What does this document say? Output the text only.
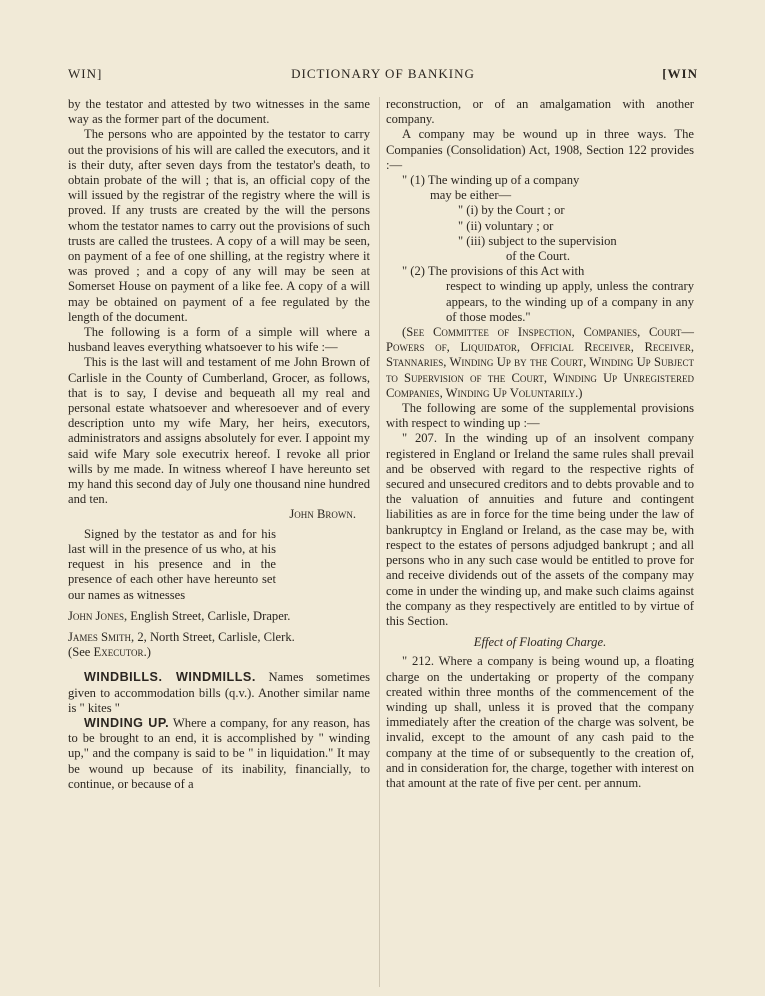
WIN]	DICTIONARY OF BANKING	[WIN

by the testator and attested by two witnesses in the same way as the former part of the document.

The persons who are appointed by the testator to carry out the provisions of his will are called the executors, and it is their duty, after seven days from the testator's death, to obtain probate of the will ; that is, an official copy of the will issued by the registrar of the registry where the will is proved. If any trusts are created by the will the persons whom the testator names to carry out the provisions of such trusts are called the trustees. A copy of a will may be seen, on payment of a fee of one shilling, at the registry where it was proved ; and a copy of any will may be seen at Somerset House on payment of a like fee. A copy of a will may be obtained on payment of a fee regulated by the length of the document.

The following is a form of a simple will where a husband leaves everything whatsoever to his wife :—

This is the last will and testament of me John Brown of Carlisle in the County of Cumberland, Grocer, as follows, that is to say, I devise and bequeath all my real and personal estate whatsoever and wheresoever and of every description unto my wife Mary, her heirs, executors, administrators and assigns absolutely for ever. I appoint my said wife Mary sole executrix hereof. I revoke all prior wills by me made. In witness whereof I have hereunto set my hand this second day of July one thousand nine hundred and ten.

John Brown.

Signed by the testator as and for his last will in the presence of us who, at his request in his presence and in the presence of each other have hereunto set our names as witnesses

John Jones, English Street, Carlisle, Draper.

James Smith, 2, North Street, Carlisle, Clerk.

(See Executor.)

WINDBILLS. WINDMILLS. Names sometimes given to accommodation bills (q.v.). Another similar name is " kites "

WINDING UP. Where a company, for any reason, has to be brought to an end, it is accomplished by " winding up," and the company is said to be " in liquidation." It may be wound up because of its inability, financially, to continue, or because of a

reconstruction, or of an amalgamation with another company.

A company may be wound up in three ways. The Companies (Consolidation) Act, 1908, Section 122 provides :—

" (1) The winding up of a company

may be either—

" (i) by the Court ; or

" (ii) voluntary ; or

" (iii) subject to the supervision

of the Court.

" (2) The provisions of this Act with

respect to winding up apply, unless the contrary appears, to the winding up of a company in any of those modes."

(See Committee of Inspection, Companies, Court—Powers of, Liquidator, Official Receiver, Receiver, Stannaries, Winding Up by the Court, Winding Up Subject to Supervision of the Court, Winding Up Unregistered Companies, Winding Up Voluntarily.)

The following are some of the supplemental provisions with respect to winding up :—

" 207. In the winding up of an insolvent company registered in England or Ireland the same rules shall prevail and be observed with regard to the respective rights of secured and unsecured creditors and to debts provable and to the valuation of annuities and future and contingent liabilities as are in force for the time being under the law of bankruptcy in England or Ireland, as the case may be, with respect to the estates of persons adjudged bankrupt ; and all persons who in any such case would be entitled to prove for and receive dividends out of the assets of the company may come in under the winding up, and make such claims against the company as they respectively are entitled to by virtue of this Section.

Effect of Floating Charge.

" 212. Where a company is being wound up, a floating charge on the undertaking or property of the company created within three months of the commencement of the winding up shall, unless it is proved that the company immediately after the creation of the charge was solvent, be invalid, except to the amount of any cash paid to the company at the time of or subsequently to the creation of, and in consideration for, the charge, together with interest on that amount at the rate of five per cent. per annum.
